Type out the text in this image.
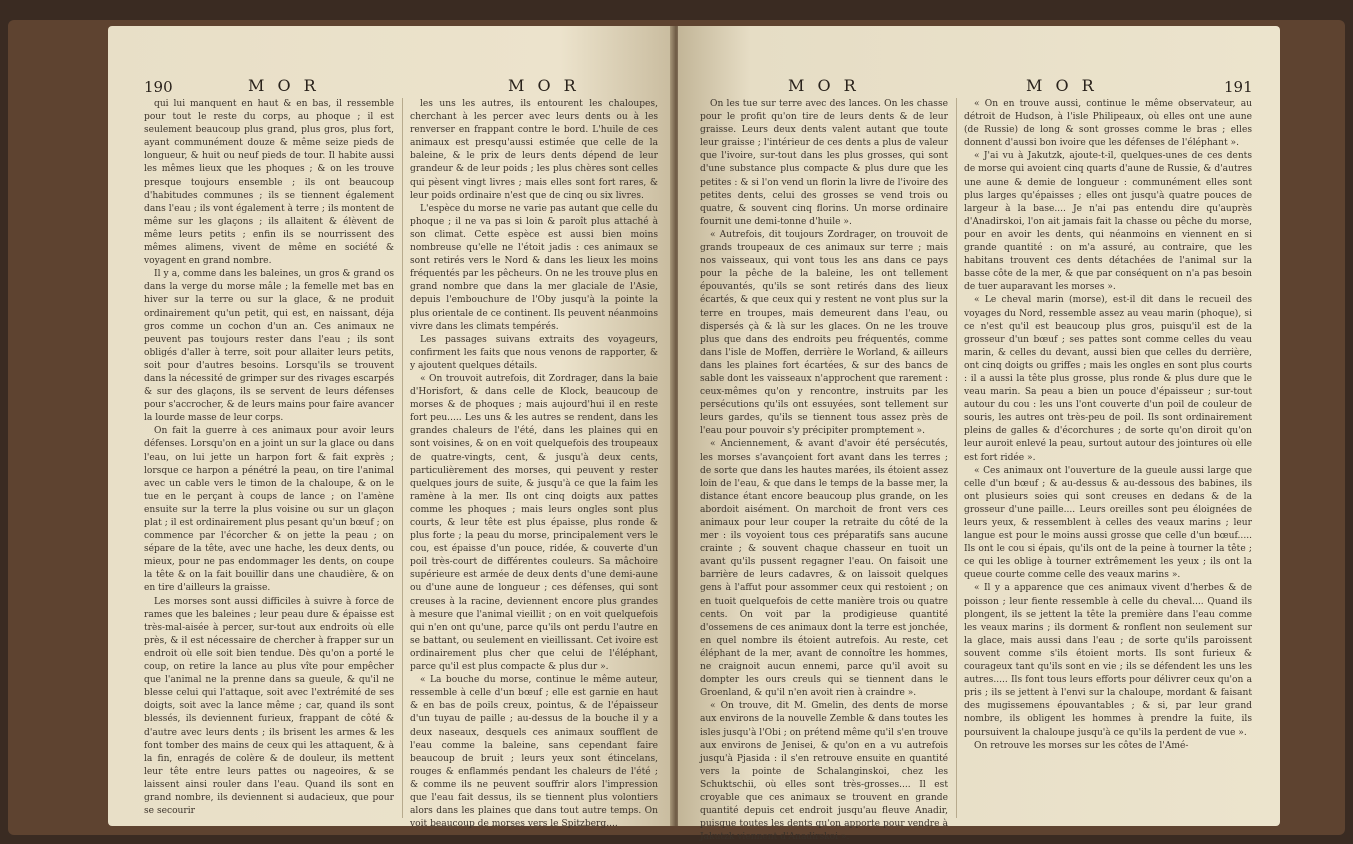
190	M O R	M O R

qui lui manquent en haut & en bas, il ressemble pour tout le reste du corps, au phoque ; il est seulement beaucoup plus grand, plus gros, plus fort, ayant communément douze & même seize pieds de longueur, & huit ou neuf pieds de tour. Il habite aussi les mêmes lieux que les phoques ; & on les trouve presque toujours ensemble ; ils ont beaucoup d'habitudes communes ; ils se tiennent également dans l'eau ; ils vont également à terre ; ils montent de même sur les glaçons ; ils allaitent & élèvent de même leurs petits ; enfin ils se nourrissent des mêmes alimens, vivent de même en société & voyagent en grand nombre.

Il y a, comme dans les baleines, un gros & grand os dans la verge du morse mâle ; la femelle met bas en hiver sur la terre ou sur la glace, & ne produit ordinairement qu'un petit, qui est, en naissant, déja gros comme un cochon d'un an. Ces animaux ne peuvent pas toujours rester dans l'eau ; ils sont obligés d'aller à terre, soit pour allaiter leurs petits, soit pour d'autres besoins. Lorsqu'ils se trouvent dans la nécessité de grimper sur des rivages escarpés & sur des glaçons, ils se servent de leurs défenses pour s'accrocher, & de leurs mains pour faire avancer la lourde masse de leur corps.

On fait la guerre à ces animaux pour avoir leurs défenses. Lorsqu'on en a joint un sur la glace ou dans l'eau, on lui jette un harpon fort & fait exprès ; lorsque ce harpon a pénétré la peau, on tire l'animal avec un cable vers le timon de la chaloupe, & on le tue en le perçant à coups de lance ; on l'amène ensuite sur la terre la plus voisine ou sur un glaçon plat ; il est ordinairement plus pesant qu'un bœuf ; on commence par l'écorcher & on jette la peau ; on sépare de la tête, avec une hache, les deux dents, ou mieux, pour ne pas endommager les dents, on coupe la tête & on la fait bouillir dans une chaudière, & on en tire d'ailleurs la graisse.

Les morses sont aussi difficiles à suivre à force de rames que les baleines ; leur peau dure & épaisse est très-mal-aisée à percer, sur-tout aux endroits où elle près, & il est nécessaire de chercher à frapper sur un endroit où elle soit bien tendue. Dès qu'on a porté le coup, on retire la lance au plus vîte pour empêcher que l'animal ne la prenne dans sa gueule, & qu'il ne blesse celui qui l'attaque, soit avec l'extrémité de ses doigts, soit avec la lance même ; car, quand ils sont blessés, ils deviennent furieux, frappant de côté & d'autre avec leurs dents ; ils brisent les armes & les font tomber des mains de ceux qui les attaquent, & à la fin, enragés de colère & de douleur, ils mettent leur tête entre leurs pattes ou nageoires, & se laissent ainsi rouler dans l'eau. Quand ils sont en grand nombre, ils deviennent si audacieux, que pour se secourir

les uns les autres, ils entourent les chaloupes, cherchant à les percer avec leurs dents ou à les renverser en frappant contre le bord. L'huile de ces animaux est presqu'aussi estimée que celle de la baleine, & le prix de leurs dents dépend de leur grandeur & de leur poids ; les plus chères sont celles qui pèsent vingt livres ; mais elles sont fort rares, & leur poids ordinaire n'est que de cinq ou six livres.

L'espèce du morse ne varie pas autant que celle du phoque ; il ne va pas si loin & paroît plus attaché à son climat. Cette espèce est aussi bien moins nombreuse qu'elle ne l'étoit jadis : ces animaux se sont retirés vers le Nord & dans les lieux les moins fréquentés par les pêcheurs. On ne les trouve plus en grand nombre que dans la mer glaciale de l'Asie, depuis l'embouchure de l'Oby jusqu'à la pointe la plus orientale de ce continent. Ils peuvent néanmoins vivre dans les climats tempérés.

Les passages suivans extraits des voyageurs, confirment les faits que nous venons de rapporter, & y ajoutent quelques détails.

« On trouvoit autrefois, dit Zordrager, dans la baie d'Horisfort, & dans celle de Klock, beaucoup de morses & de phoques ; mais aujourd'hui il en reste fort peu..... Les uns & les autres se rendent, dans les grandes chaleurs de l'été, dans les plaines qui en sont voisines, & on en voit quelquefois des troupeaux de quatre-vingts, cent, & jusqu'à deux cents, particulièrement des morses, qui peuvent y rester quelques jours de suite, & jusqu'à ce que la faim les ramène à la mer. Ils ont cinq doigts aux pattes comme les phoques ; mais leurs ongles sont plus courts, & leur tête est plus épaisse, plus ronde & plus forte ; la peau du morse, principalement vers le cou, est épaisse d'un pouce, ridée, & couverte d'un poil très-court de différentes couleurs. Sa mâchoire supérieure est armée de deux dents d'une demi-aune ou d'une aune de longueur ; ces défenses, qui sont creuses à la racine, deviennent encore plus grandes à mesure que l'animal vieillit ; on en voit quelquefois qui n'en ont qu'une, parce qu'ils ont perdu l'autre en se battant, ou seulement en vieillissant. Cet ivoire est ordinairement plus cher que celui de l'éléphant, parce qu'il est plus compacte & plus dur ».

« La bouche du morse, continue le même auteur, ressemble à celle d'un bœuf ; elle est garnie en haut & en bas de poils creux, pointus, & de l'épaisseur d'un tuyau de paille ; au-dessus de la bouche il y a deux naseaux, desquels ces animaux soufflent de l'eau comme la baleine, sans cependant faire beaucoup de bruit ; leurs yeux sont étincelans, rouges & enflammés pendant les chaleurs de l'été ; & comme ils ne peuvent souffrir alors l'impression que l'eau fait dessus, ils se tiennent plus volontiers alors dans les plaines que dans tout autre temps. On voit beaucoup de morses vers le Spitzberg....

M O R	M O R	191

On les tue sur terre avec des lances. On les chasse pour le profit qu'on tire de leurs dents & de leur graisse. Leurs deux dents valent autant que toute leur graisse ; l'intérieur de ces dents a plus de valeur que l'ivoire, sur-tout dans les plus grosses, qui sont d'une substance plus compacte & plus dure que les petites : & si l'on vend un florin la livre de l'ivoire des petites dents, celui des grosses se vend trois ou quatre, & souvent cinq florins. Un morse ordinaire fournit une demi-tonne d'huile ».

« Autrefois, dit toujours Zordrager, on trouvoit de grands troupeaux de ces animaux sur terre ; mais nos vaisseaux, qui vont tous les ans dans ce pays pour la pêche de la baleine, les ont tellement épouvantés, qu'ils se sont retirés dans des lieux écartés, & que ceux qui y restent ne vont plus sur la terre en troupes, mais demeurent dans l'eau, ou dispersés çà & là sur les glaces. On ne les trouve plus que dans des endroits peu fréquentés, comme dans l'isle de Moffen, derrière le Worland, & ailleurs dans les plaines fort écartées, & sur des bancs de sable dont les vaisseaux n'approchent que rarement : ceux-mêmes qu'on y rencontre, instruits par les persécutions qu'ils ont essuyées, sont tellement sur leurs gardes, qu'ils se tiennent tous assez près de l'eau pour pouvoir s'y précipiter promptement ».

« Anciennement, & avant d'avoir été persécutés, les morses s'avançoient fort avant dans les terres ; de sorte que dans les hautes marées, ils étoient assez loin de l'eau, & que dans le temps de la basse mer, la distance étant encore beaucoup plus grande, on les abordoit aisément. On marchoit de front vers ces animaux pour leur couper la retraite du côté de la mer : ils voyoient tous ces préparatifs sans aucune crainte ; & souvent chaque chasseur en tuoit un avant qu'ils pussent regagner l'eau. On faisoit une barrière de leurs cadavres, & on laissoit quelques gens à l'affut pour assommer ceux qui restoient ; on en tuoit quelquefois de cette manière trois ou quatre cents. On voit par la prodigieuse quantité d'ossemens de ces animaux dont la terre est jonchée, en quel nombre ils étoient autrefois. Au reste, cet éléphant de la mer, avant de connoître les hommes, ne craignoit aucun ennemi, parce qu'il avoit su dompter les ours creuls qui se tiennent dans le Groenland, & qu'il n'en avoit rien à craindre ».

« On trouve, dit M. Gmelin, des dents de morse aux environs de la nouvelle Zemble & dans toutes les isles jusqu'à l'Obi ; on prétend même qu'il s'en trouve aux environs de Jenisei, & qu'on en a vu autrefois jusqu'à Pjasida : il s'en retrouve ensuite en quantité vers la pointe de Schalanginskoi, chez les Schuktschii, où elles sont très-grosses.... Il est croyable que ces animaux se trouvent en grande quantité depuis cet endroit jusqu'au fleuve Anadir, puisque toutes les dents qu'on apporte pour vendre à Jakutzk viennent d'Anadirskoi ».

« On en trouve aussi, continue le même observateur, au détroit de Hudson, à l'isle Philipeaux, où elles ont une aune (de Russie) de long & sont grosses comme le bras ; elles donnent d'aussi bon ivoire que les défenses de l'éléphant ».

« J'ai vu à Jakutzk, ajoute-t-il, quelques-unes de ces dents de morse qui avoient cinq quarts d'aune de Russie, & d'autres une aune & demie de longueur : communément elles sont plus larges qu'épaisses ; elles ont jusqu'à quatre pouces de largeur à la base.... Je n'ai pas entendu dire qu'auprès d'Anadirskoi, l'on ait jamais fait la chasse ou pêche du morse, pour en avoir les dents, qui néanmoins en viennent en si grande quantité : on m'a assuré, au contraire, que les habitans trouvent ces dents détachées de l'animal sur la basse côte de la mer, & que par conséquent on n'a pas besoin de tuer auparavant les morses ».

« Le cheval marin (morse), est-il dit dans le recueil des voyages du Nord, ressemble assez au veau marin (phoque), si ce n'est qu'il est beaucoup plus gros, puisqu'il est de la grosseur d'un bœuf ; ses pattes sont comme celles du veau marin, & celles du devant, aussi bien que celles du derrière, ont cinq doigts ou griffes ; mais les ongles en sont plus courts : il a aussi la tête plus grosse, plus ronde & plus dure que le veau marin. Sa peau a bien un pouce d'épaisseur ; sur-tout autour du cou : les uns l'ont couverte d'un poil de couleur de souris, les autres ont très-peu de poil. Ils sont ordinairement pleins de galles & d'écorchures ; de sorte qu'on diroit qu'on leur auroit enlevé la peau, surtout autour des jointures où elle est fort ridée ».

« Ces animaux ont l'ouverture de la gueule aussi large que celle d'un bœuf ; & au-dessus & au-dessous des babines, ils ont plusieurs soies qui sont creuses en dedans & de la grosseur d'une paille.... Leurs oreilles sont peu éloignées de leurs yeux, & ressemblent à celles des veaux marins ; leur langue est pour le moins aussi grosse que celle d'un bœuf..... Ils ont le cou si épais, qu'ils ont de la peine à tourner la tête ; ce qui les oblige à tourner extrêmement les yeux ; ils ont la queue courte comme celle des veaux marins ».

« Il y a apparence que ces animaux vivent d'herbes & de poisson ; leur fiente ressemble à celle du cheval.... Quand ils plongent, ils se jettent la tête la première dans l'eau comme les veaux marins ; ils dorment & ronflent non seulement sur la glace, mais aussi dans l'eau ; de sorte qu'ils paroissent souvent comme s'ils étoient morts. Ils sont furieux & courageux tant qu'ils sont en vie ; ils se défendent les uns les autres..... Ils font tous leurs efforts pour délivrer ceux qu'on a pris ; ils se jettent à l'envi sur la chaloupe, mordant & faisant des mugissemens épouvantables ; & si, par leur grand nombre, ils obligent les hommes à prendre la fuite, ils poursuivent la chaloupe jusqu'à ce qu'ils la perdent de vue ».

On retrouve les morses sur les côtes de l'Amé-
